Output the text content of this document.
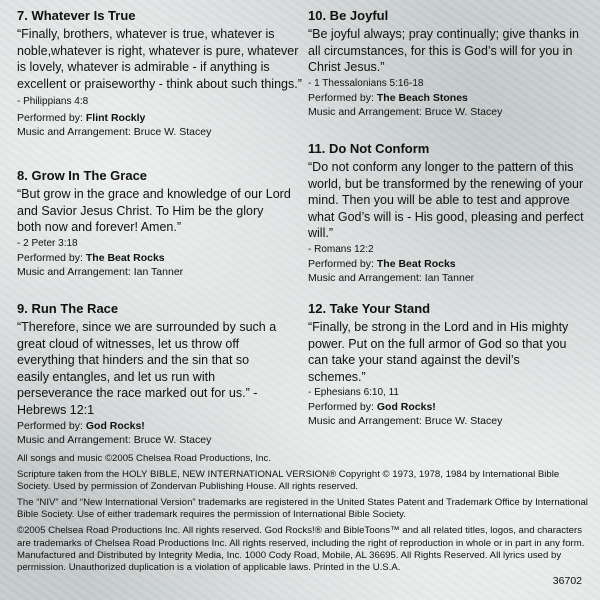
7. Whatever Is True

“Finally, brothers, whatever is true, whatever is noble,whatever is right, whatever is pure, whatever is lovely, whatever is admirable - if anything is excellent or praiseworthy - think about such things.” - Philippians 4:8

Performed by: Flint Rockly

Music and Arrangement: Bruce W. Stacey

8. Grow In The Grace

“But grow in the grace and knowledge of our Lord and Savior Jesus Christ. To Him be the glory both now and forever! Amen.”

- 2 Peter 3:18

Performed by: The Beat Rocks

Music and Arrangement: Ian Tanner

9. Run The Race

“Therefore, since we are surrounded by such a great cloud of witnesses, let us throw off everything that hinders and the sin that so easily entangles, and let us run with perseverance the race marked out for us.” - Hebrews 12:1

Performed by: God Rocks!

Music and Arrangement: Bruce W. Stacey

10. Be Joyful

“Be joyful always; pray continually; give thanks in all circumstances, for this is God’s will for you in Christ Jesus.”

- 1 Thessalonians 5:16-18

Performed by: The Beach Stones

Music and Arrangement: Bruce W. Stacey

11. Do Not Conform

“Do not conform any longer to the pattern of this world, but be transformed by the renewing of your mind. Then you will be able to test and approve what God’s will is - His good, pleasing and perfect will.”

- Romans 12:2

Performed by: The Beat Rocks

Music and Arrangement: Ian Tanner

12. Take Your Stand

“Finally, be strong in the Lord and in His mighty power. Put on the full armor of God so that you can take your stand against the devil’s schemes.”

- Ephesians 6:10, 11

Performed by: God Rocks!

Music and Arrangement: Bruce W. Stacey

All songs and music ©2005 Chelsea Road Productions, Inc.

Scripture taken from the HOLY BIBLE, NEW INTERNATIONAL VERSION® Copyright © 1973, 1978, 1984 by International Bible Society. Used by permission of Zondervan Publishing House. All rights reserved.

The “NIV” and “New International Version” trademarks are registered in the United States Patent and Trademark Office by International Bible Society. Use of either trademark requires the permission of International Bible Society.

©2005 Chelsea Road Productions Inc. All rights reserved. God Rocks!® and BibleToons™ and all related titles, logos, and characters are trademarks of Chelsea Road Productions Inc. All rights reserved, including the right of reproduction in whole or in part in any form. Manufactured and Distributed by Integrity Media, Inc. 1000 Cody Road, Mobile, AL 36695. All Rights Reserved. All lyrics used by permission. Unauthorized duplication is a violation of applicable laws. Printed in the U.S.A.

36702
